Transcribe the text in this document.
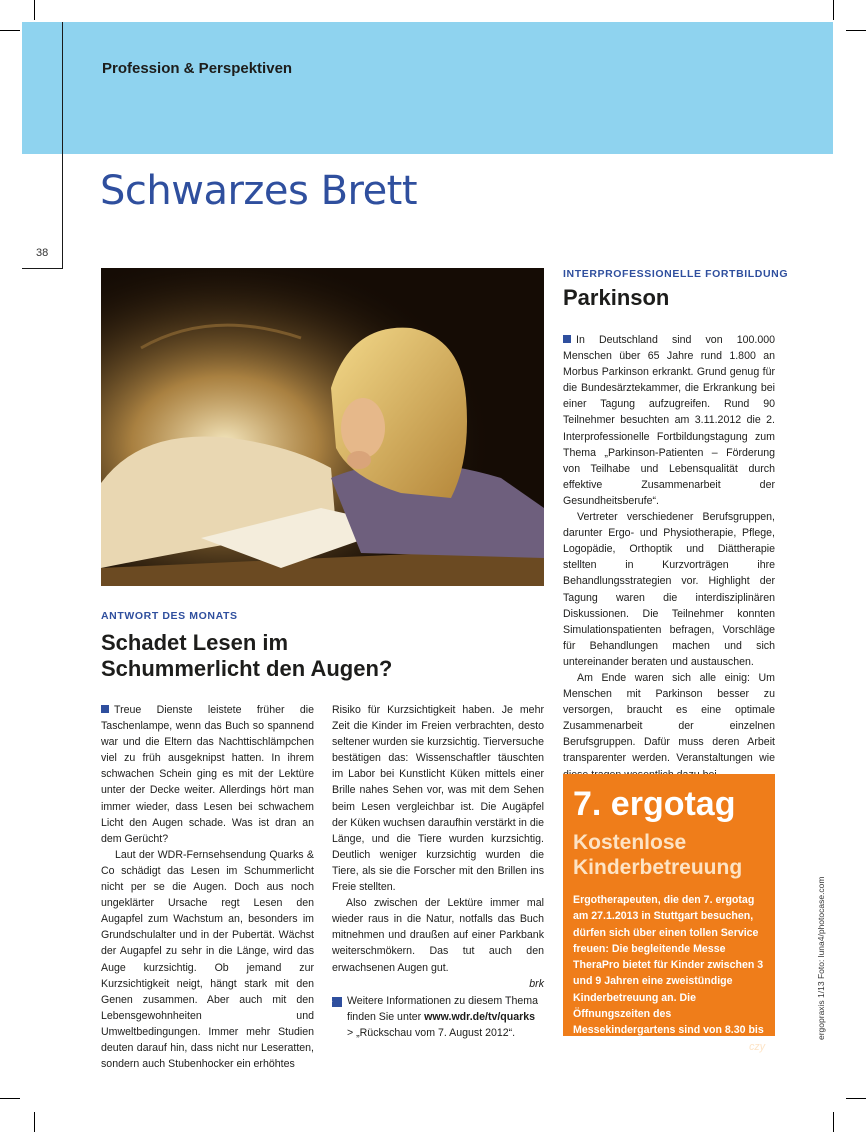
Profession & Perspektiven
38
Schwarzes Brett
ANTWORT DES MONATS
Schadet Lesen im
Schummerlicht den Augen?

Treue Dienste leistete früher die Taschenlampe, wenn das Buch so spannend war und die Eltern das Nachttischlämpchen viel zu früh ausgeknipst hatten. In ihrem schwachen Schein ging es mit der Lektüre unter der Decke weiter. Allerdings hört man immer wieder, dass Lesen bei schwachem Licht den Augen schade. Was ist dran an dem Gerücht?

Laut der WDR-Fernsehsendung Quarks & Co schädigt das Lesen im Schummerlicht nicht per se die Augen. Doch aus noch ungeklärter Ursache regt Lesen den Augapfel zum Wachstum an, besonders im Grundschulalter und in der Pubertät. Wächst der Augapfel zu sehr in die Länge, wird das Auge kurzsichtig. Ob jemand zur Kurzsichtigkeit neigt, hängt stark mit den Genen zusammen. Aber auch mit den Lebensgewohnheiten und Umweltbedingungen. Immer mehr Studien deuten darauf hin, dass nicht nur Leseratten, sondern auch Stubenhocker ein erhöhtes

Risiko für Kurzsichtigkeit haben. Je mehr Zeit die Kinder im Freien verbrachten, desto seltener wurden sie kurzsichtig. Tierversuche bestätigen das: Wissenschaftler täuschten im Labor bei Kunstlicht Küken mittels einer Brille nahes Sehen vor, was mit dem Sehen beim Lesen vergleichbar ist. Die Augäpfel der Küken wuchsen daraufhin verstärkt in die Länge, und die Tiere wurden kurzsichtig. Deutlich weniger kurzsichtig wurden die Tiere, als sie die Forscher mit den Brillen ins Freie stellten.

Also zwischen der Lektüre immer mal wieder raus in die Natur, notfalls das Buch mitnehmen und draußen auf einer Parkbank weiterschmökern. Das tut auch den erwachsenen Augen gut.

brk

➔ Weitere Informationen zu diesem Thema finden Sie unter www.wdr.de/tv/quarks
> „Rückschau vom 7. August 2012“.

INTERPROFESSIONELLE FORTBILDUNG
Parkinson

In Deutschland sind von 100.000 Menschen über 65 Jahre rund 1.800 an Morbus Parkinson erkrankt. Grund genug für die Bundesärztekammer, die Erkrankung bei einer Tagung aufzugreifen. Rund 90 Teilnehmer besuchten am 3.11.2012 die 2. Interprofessionelle Fortbildungstagung zum Thema „Parkinson-Patienten – Förderung von Teilhabe und Lebensqualität durch effektive Zusammenarbeit der Gesundheitsberufe“.

Vertreter verschiedener Berufsgruppen, darunter Ergo- und Physiotherapie, Pflege, Logopädie, Orthoptik und Diättherapie stellten in Kurzvorträgen ihre Behandlungsstrategien vor. Highlight der Tagung waren die interdisziplinären Diskussionen. Die Teilnehmer konnten Simulationspatienten befragen, Vorschläge für Behandlungen machen und sich untereinander beraten und austauschen.

Am Ende waren sich alle einig: Um Menschen mit Parkinson besser zu versorgen, braucht es eine optimale Zusammenarbeit der einzelnen Berufsgruppen. Dafür muss deren Arbeit transparenter werden. Veranstaltungen wie

7. ergotag
Kostenlose
Kinderbetreuung
Ergotherapeuten, die den 7. ergotag am 27.1.2013 in Stuttgart besuchen, dürfen sich über einen tollen Service freuen: Die begleitende Messe TheraPro bietet für Kinder zwischen 3 und 9 Jahren eine zweistündige Kinderbetreuung an. Die Öffnungszeiten des Messekindergartens sind von 8.30 bis 16.00 Uhr.	czy
ergopraxis 1/13 Foto: luna4/photocase.com
